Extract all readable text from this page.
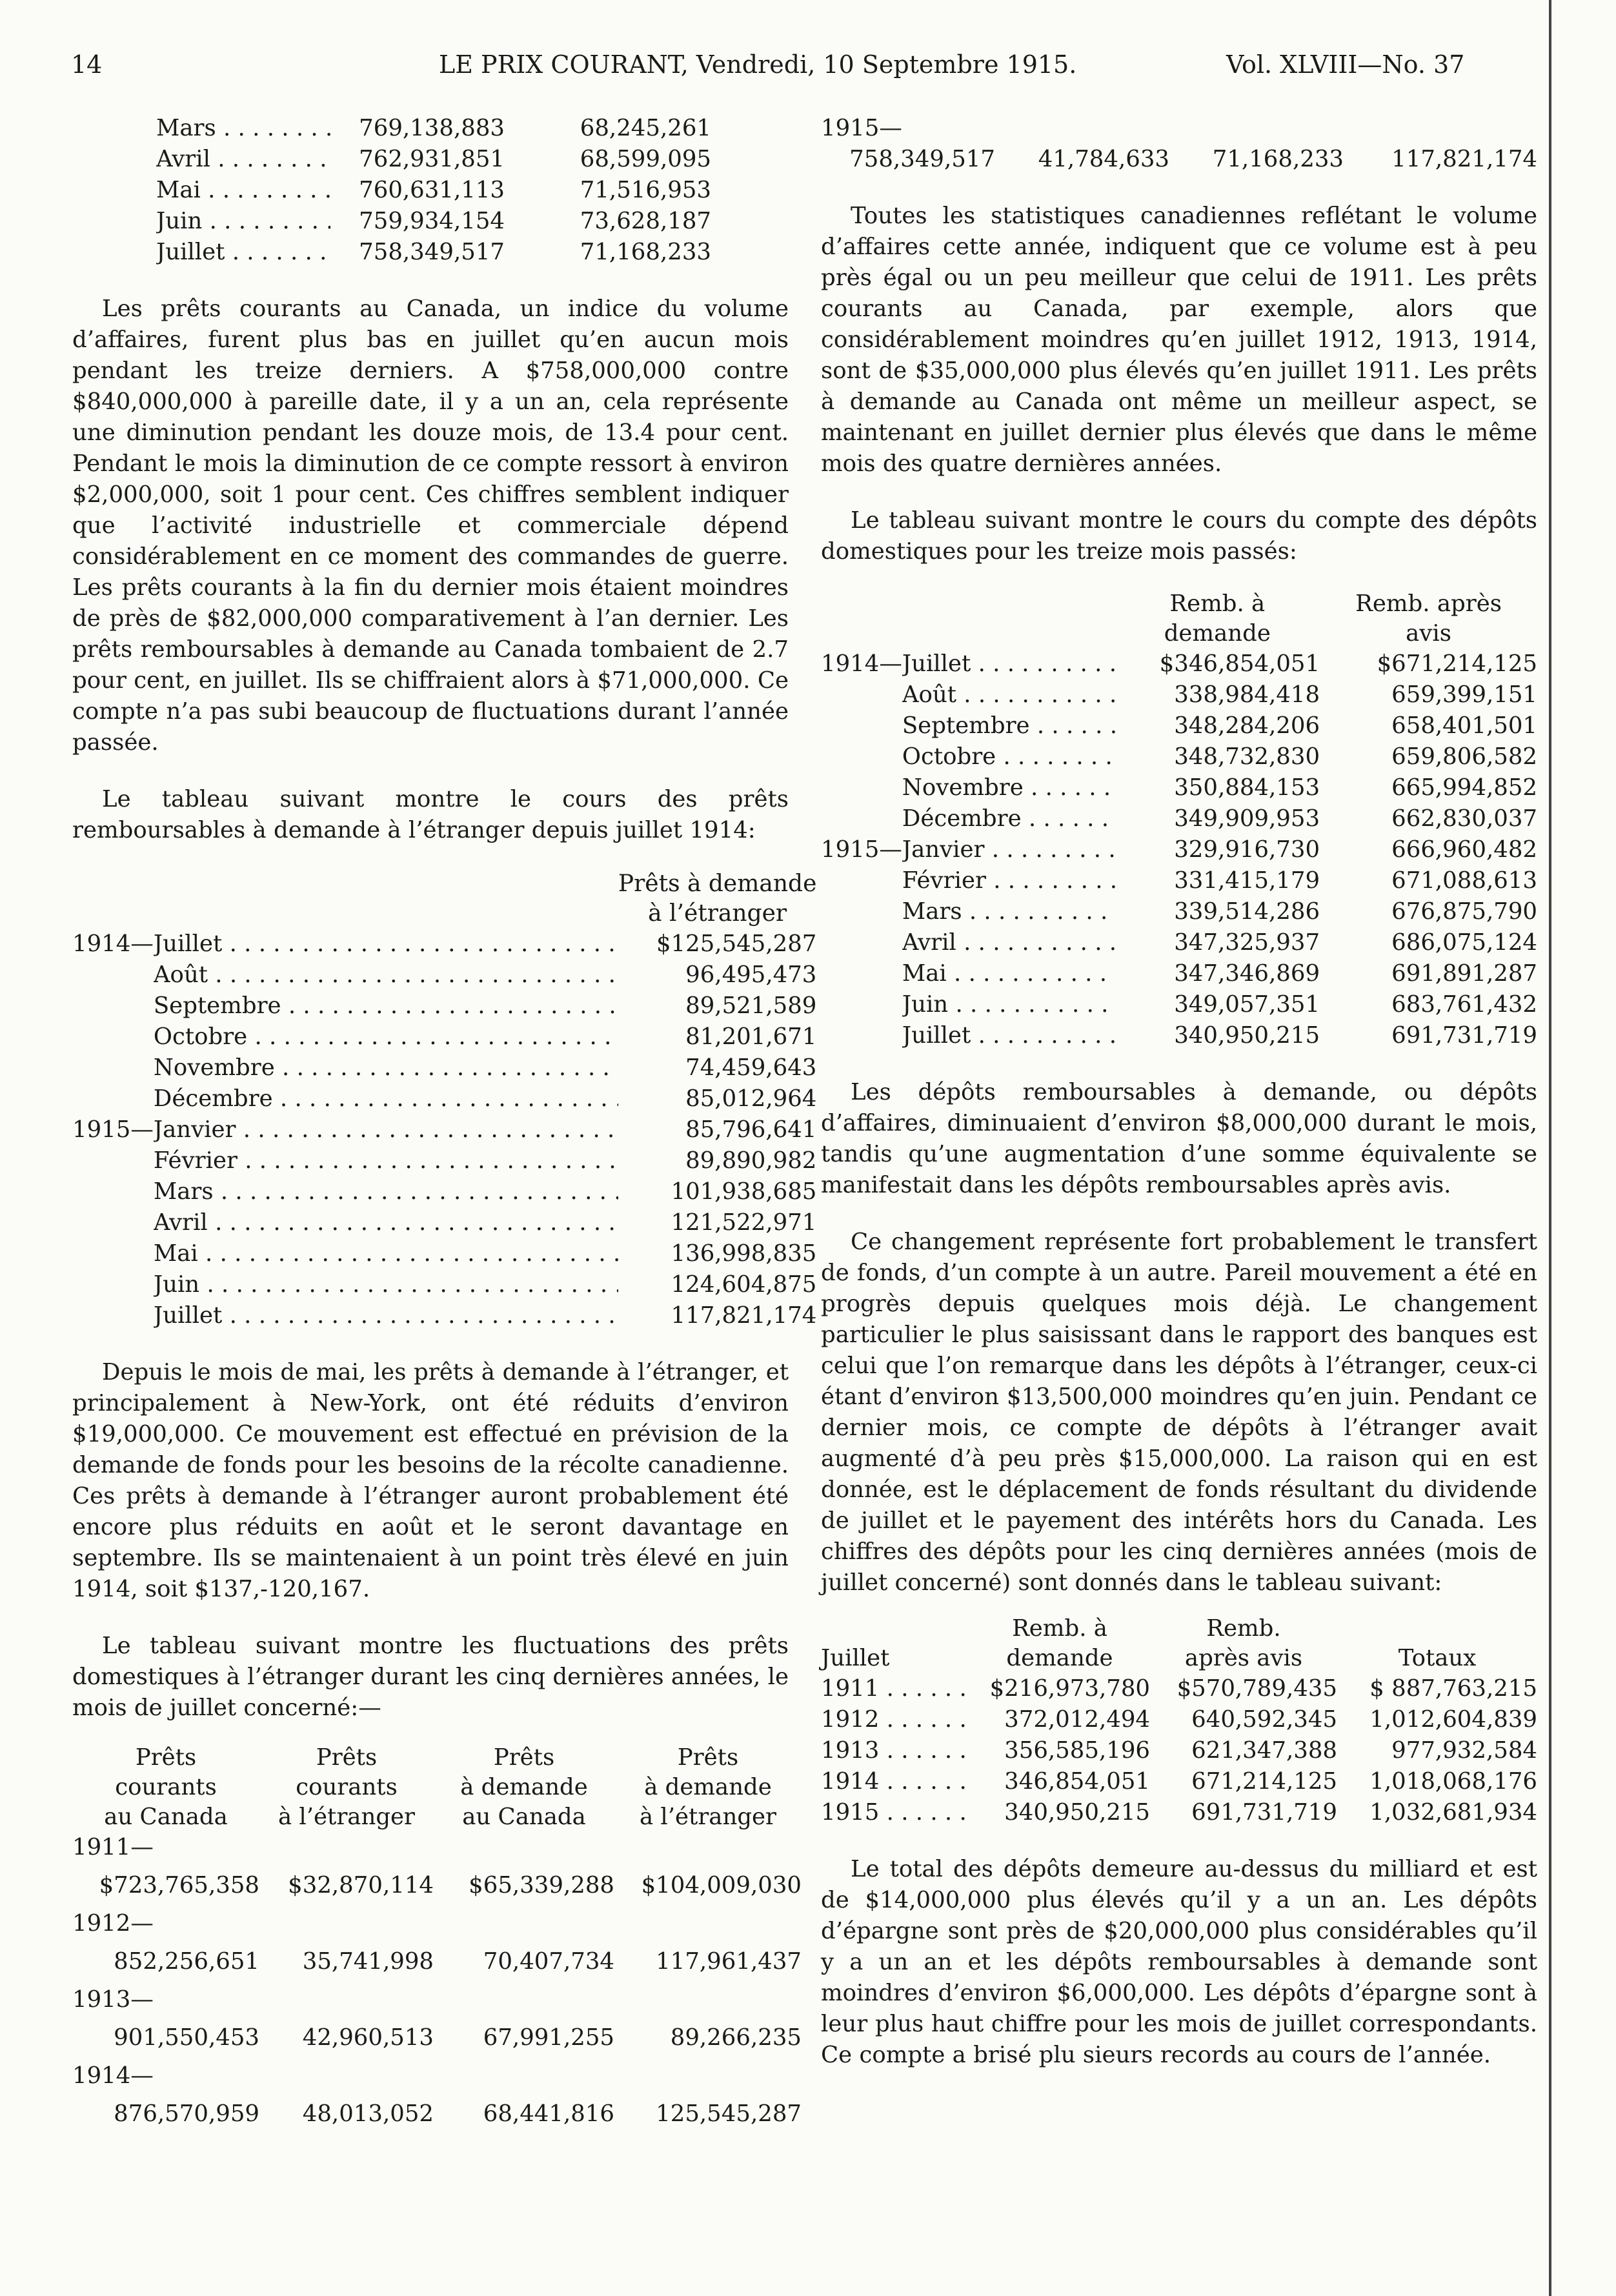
14	LE PRIX COURANT, Vendredi, 10 Septembre 1915.	Vol. XLVIII—No. 37
Mars . . .	769,138,883	68,245,261
Avril . . .	762,931,851	68,599,095
Mai . . .	760,631,113	71,516,953
Juin . . .	759,934,154	73,628,187
Juillet . . .	758,349,517	71,168,233

Les prêts courants au Canada, un indice du volume d’affaires, furent plus bas en juillet qu’en aucun mois pendant les treize derniers. A $758,000,000 contre $840,000,000 à pareille date, il y a un an, cela représente une diminution pendant les douze mois, de 13.4 pour cent. Pendant le mois la diminution de ce compte ressort à environ $2,000,000, soit 1 pour cent. Ces chiffres semblent indiquer que l’activité industrielle et commerciale dépend considérablement en ce moment des commandes de guerre. Les prêts courants à la fin du dernier mois étaient moindres de près de $82,000,000 comparativement à l’an dernier. Les prêts remboursables à demande au Canada tombaient de 2.7 pour cent, en juillet. Ils se chiffraient alors à $71,000,000. Ce compte n’a pas subi beaucoup de fluctuations durant l’année passée.

Le tableau suivant montre le cours des prêts remboursables à demande à l’étranger depuis juillet 1914:

		Prêts à demande
		à l’étranger
1914—	Juillet . . .	$125,545,287
	Août . . .	96,495,473
	Septembre . . .	89,521,589
	Octobre . . .	81,201,671
	Novembre . . .	74,459,643
	Décembre . . .	85,012,964
1915—	Janvier . . .	85,796,641
	Février . . .	89,890,982
	Mars . . .	101,938,685
	Avril . . .	121,522,971
	Mai . . .	136,998,835
	Juin . . .	124,604,875
	Juillet . . .	117,821,174

Depuis le mois de mai, les prêts à demande à l’étranger, et principalement à New-York, ont été réduits d’environ $19,000,000. Ce mouvement est effectué en prévision de la demande de fonds pour les besoins de la récolte canadienne. Ces prêts à demande à l’étranger auront probablement été encore plus réduits en août et le seront davantage en septembre. Ils se maintenaient à un point très élevé en juin 1914, soit $137,-120,167.

Le tableau suivant montre les fluctuations des prêts domestiques à l’étranger durant les cinq dernières années, le mois de juillet concerné:—

Prêts
courants
au Canada	Prêts
courants
à l’étranger	Prêts
à demande
au Canada	Prêts
à demande
à l’étranger
1911—			
$723,765,358	$32,870,114	$65,339,288	$104,009,030
1912—			
852,256,651	35,741,998	70,407,734	117,961,437
1913—			
901,550,453	42,960,513	67,991,255	89,266,235
1914—			
876,570,959	48,013,052	68,441,816	125,545,287
1915—
758,349,517	41,784,633	71,168,233	117,821,174

Toutes les statistiques canadiennes reflétant le volume d’affaires cette année, indiquent que ce volume est à peu près égal ou un peu meilleur que celui de 1911. Les prêts courants au Canada, par exemple, alors que considérablement moindres qu’en juillet 1912, 1913, 1914, sont de $35,000,000 plus élevés qu’en juillet 1911. Les prêts à demande au Canada ont même un meilleur aspect, se maintenant en juillet dernier plus élevés que dans le même mois des quatre dernières années.

Le tableau suivant montre le cours du compte des dépôts domestiques pour les treize mois passés:

		Remb. à
demande	Remb. après
avis
1914—	Juillet . . .	$346,854,051	$671,214,125
	Août . . .	338,984,418	659,399,151
	Septembre . . .	348,284,206	658,401,501
	Octobre . . .	348,732,830	659,806,582
	Novembre . . .	350,884,153	665,994,852
	Décembre . . .	349,909,953	662,830,037
1915—	Janvier . . .	329,916,730	666,960,482
	Février . . .	331,415,179	671,088,613
	Mars . . .	339,514,286	676,875,790
	Avril . . .	347,325,937	686,075,124
	Mai . . .	347,346,869	691,891,287
	Juin . . .	349,057,351	683,761,432
	Juillet . . .	340,950,215	691,731,719

Les dépôts remboursables à demande, ou dépôts d’affaires, diminuaient d’environ $8,000,000 durant le mois, tandis qu’une augmentation d’une somme équivalente se manifestait dans les dépôts remboursables après avis.

Ce changement représente fort probablement le transfert de fonds, d’un compte à un autre. Pareil mouvement a été en progrès depuis quelques mois déjà. Le changement particulier le plus saisissant dans le rapport des banques est celui que l’on remarque dans les dépôts à l’étranger, ceux-ci étant d’environ $13,500,000 moindres qu’en juin. Pendant ce dernier mois, ce compte de dépôts à l’étranger avait augmenté d’à peu près $15,000,000. La raison qui en est donnée, est le déplacement de fonds résultant du dividende de juillet et le payement des intérêts hors du Canada. Les chiffres des dépôts pour les cinq dernières années (mois de juillet concerné) sont donnés dans le tableau suivant:

Juillet	Remb. à
demande	Remb.
après avis	Totaux
1911 . . .	$216,973,780	$570,789,435	$ 887,763,215
1912 . . .	372,012,494	640,592,345	1,012,604,839
1913 . . .	356,585,196	621,347,388	977,932,584
1914 . . .	346,854,051	671,214,125	1,018,068,176
1915 . . .	340,950,215	691,731,719	1,032,681,934

Le total des dépôts demeure au-dessus du milliard et est de $14,000,000 plus élevés qu’il y a un an. Les dépôts d’épargne sont près de $20,000,000 plus considérables qu’il y a un an et les dépôts remboursables à demande sont moindres d’environ $6,000,000. Les dépôts d’épargne sont à leur plus haut chiffre pour les mois de juillet correspondants. Ce compte a brisé plu sieurs records au cours de l’année.
